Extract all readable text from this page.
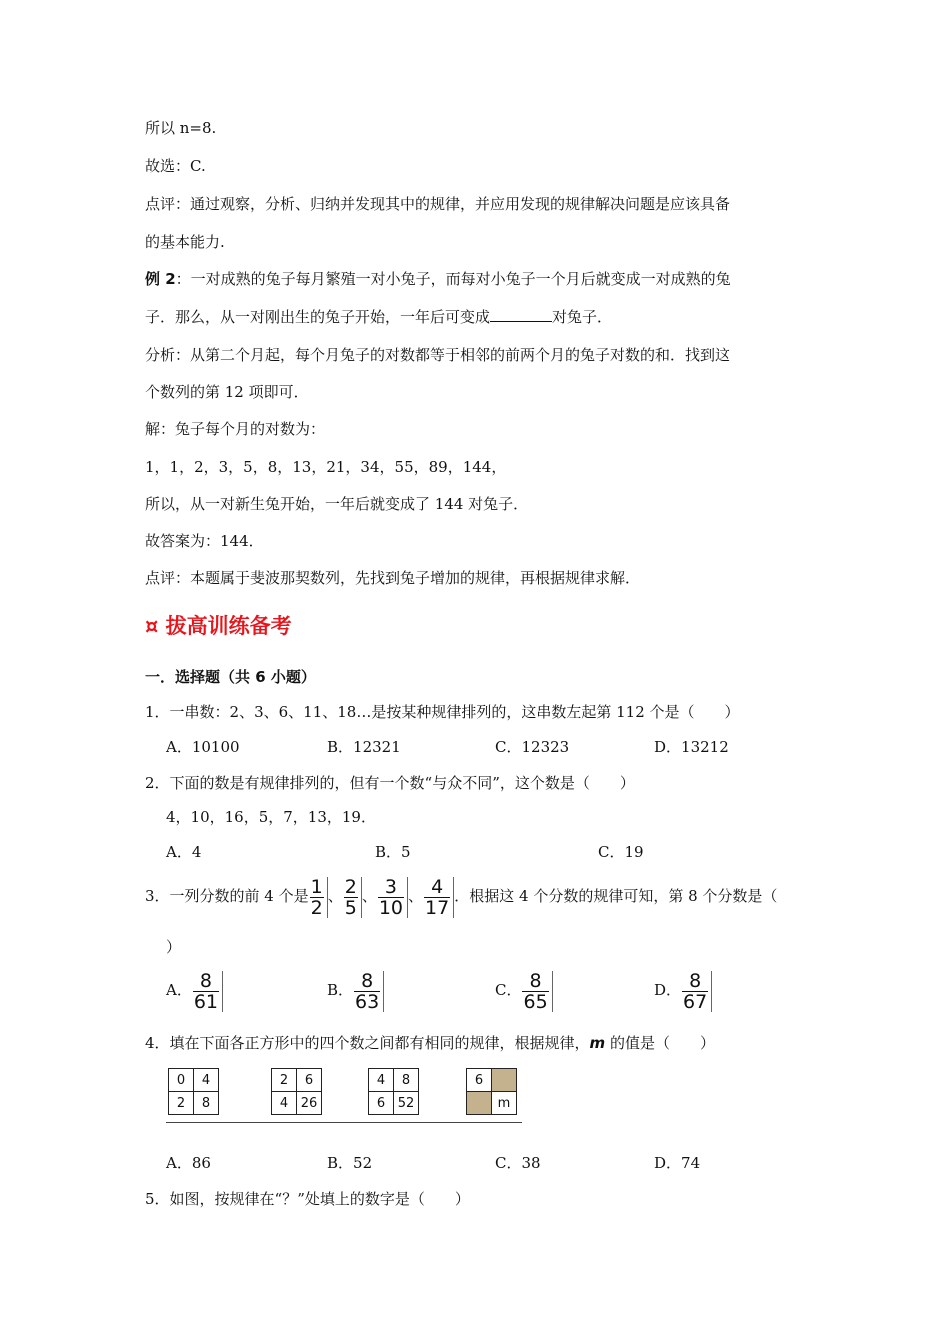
所以 n=8.
故选：C.
点评：通过观察，分析、归纳并发现其中的规律，并应用发现的规律解决问题是应该具备
的基本能力.
例 2：一对成熟的兔子每月繁殖一对小兔子，而每对小兔子一个月后就变成一对成熟的兔
子．那么，从一对刚出生的兔子开始，一年后可变成	对兔子．
分析：从第二个月起，每个月兔子的对数都等于相邻的前两个月的兔子对数的和．找到这
个数列的第 12 项即可．
解：兔子每个月的对数为：
1，1，2，3，5，8，13，21，34，55，89，144，
所以，从一对新生兔开始，一年后就变成了 144 对兔子．
故答案为：144．
点评：本题属于斐波那契数列，先找到兔子增加的规律，再根据规律求解．
¤ 拔高训练备考
一．选择题（共 6 小题）
1．一串数：2、3、6、11、18…是按某种规律排列的，这串数左起第 112 个是（　　）
A．10100	B．12321	C．12323	D．13212
2．下面的数是有规律排列的，但有一个数“与众不同”，这个数是（　　）
4，10，16，5，7，13，19．
A．4	B．5	C．19
3．一列分数的前 4 个是 $\frac{1}{2}$ 、 $\frac{2}{5}$ 、 $\frac{3}{10}$ 、 $\frac{4}{17}$ ．根据这 4 个分数的规律可知，第 8 个分数是（
）
A． $\frac{8}{61}$	B． $\frac{8}{63}$	C． $\frac{8}{65}$	D． $\frac{8}{67}$
4．填在下面各正方形中的四个数之间都有相同的规律，根据规律，m 的值是（　　）
0	4
2	8
2	6
4	26
4	8
6	52
6	
	m
A．86	B．52	C．38	D．74
5．如图，按规律在“？”处填上的数字是（　　）
